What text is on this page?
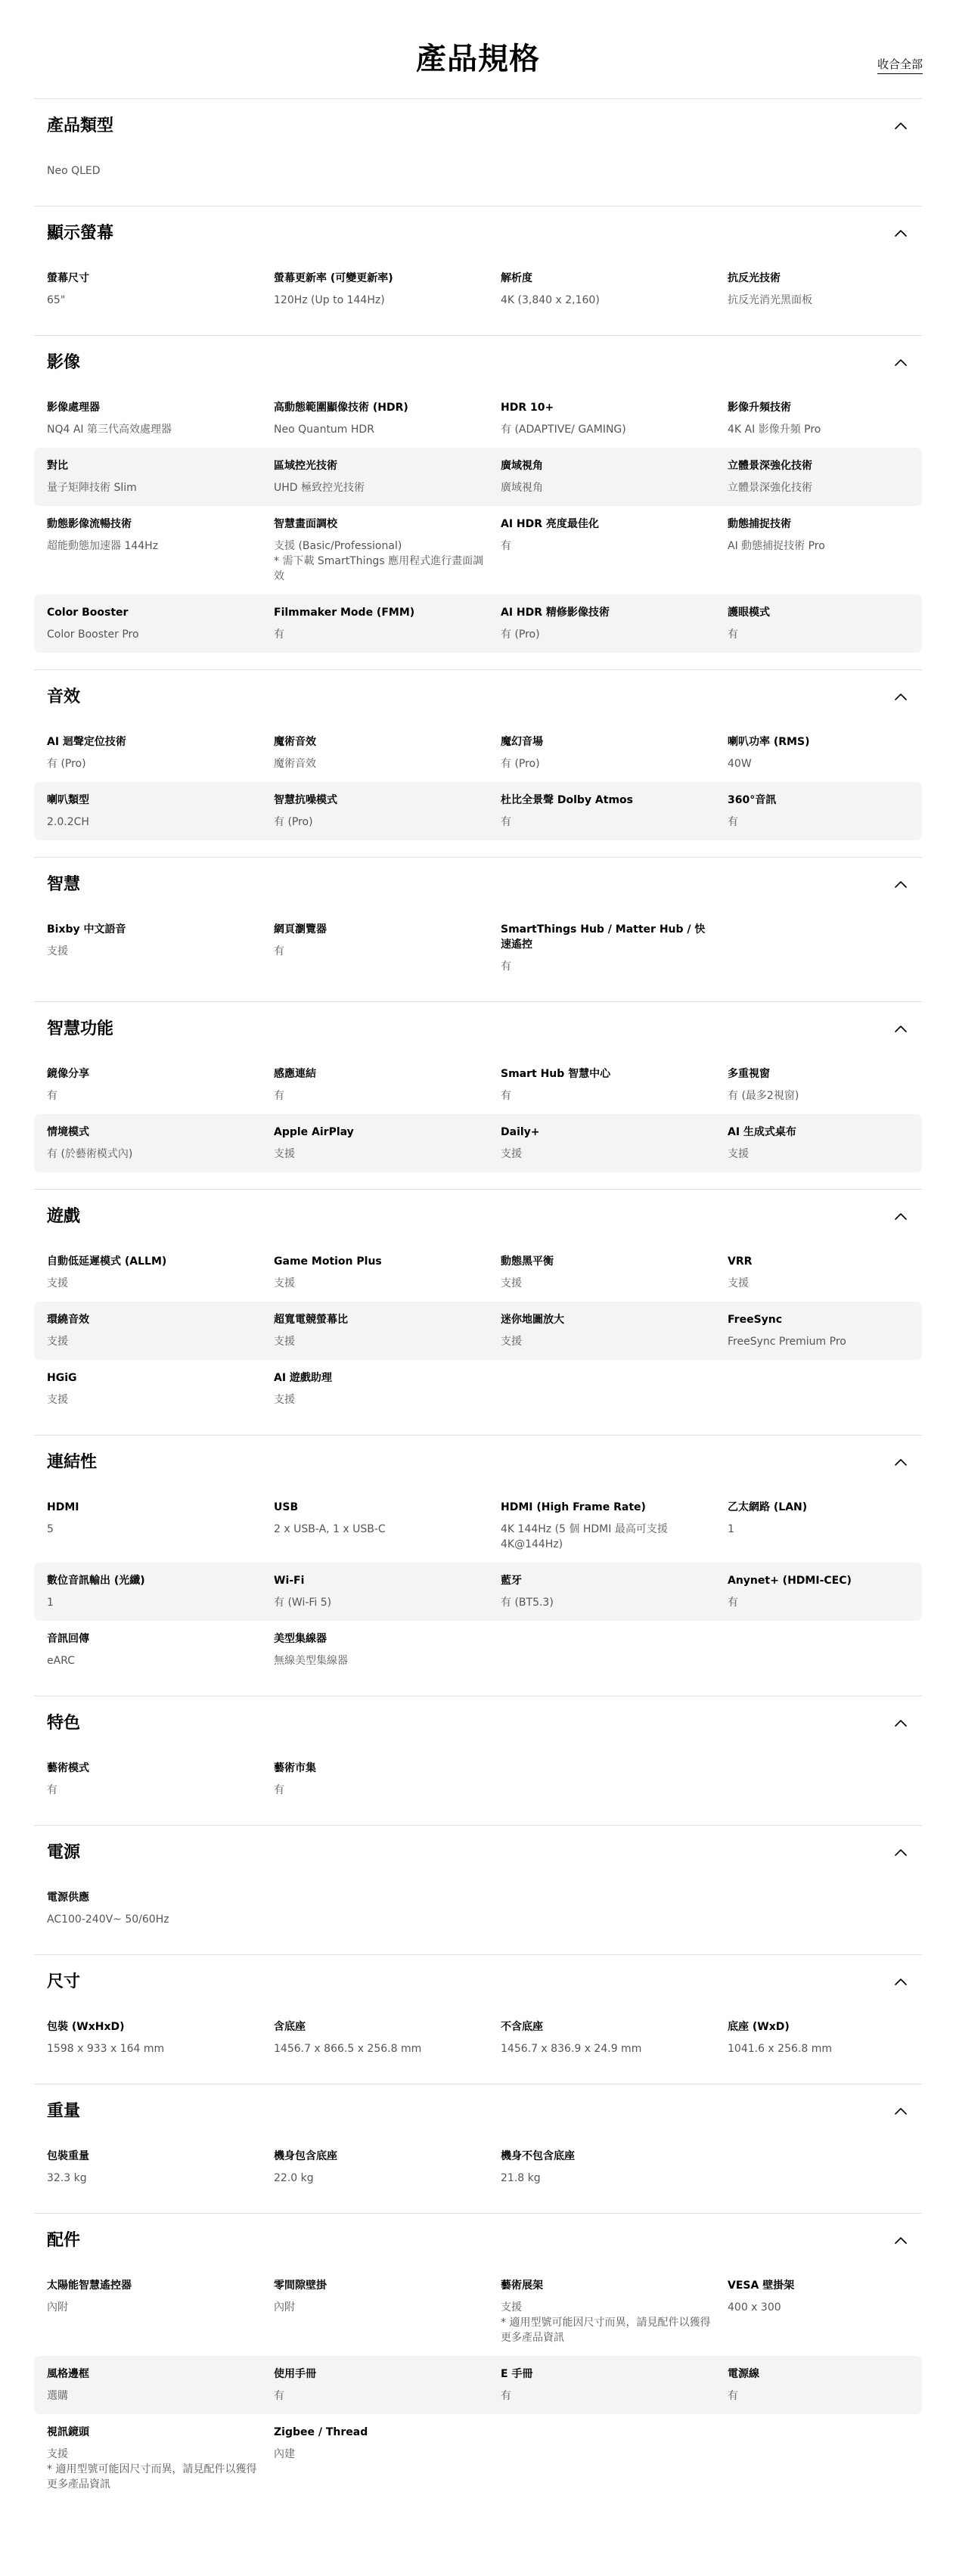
產品規格	收合全部
產品類型
Neo QLED
顯示螢幕
螢幕尺寸
65"
螢幕更新率 (可變更新率)
120Hz (Up to 144Hz)
解析度
4K (3,840 x 2,160)
抗反光技術
抗反光消光黑面板
影像
影像處理器
NQ4 AI 第三代高效處理器
高動態範圍顯像技術 (HDR)
Neo Quantum HDR
HDR 10+
有 (ADAPTIVE/ GAMING)
影像升頻技術
4K AI 影像升頻 Pro
對比
量子矩陣技術 Slim
區域控光技術
UHD 極致控光技術
廣域視角
廣域視角
立體景深強化技術
立體景深強化技術
動態影像流暢技術
超能動態加速器 144Hz
智慧畫面調校
支援 (Basic/Professional)
* 需下載 SmartThings 應用程式進行畫面調效
AI HDR 亮度最佳化
有
動態捕捉技術
AI 動態捕捉技術 Pro
Color Booster
Color Booster Pro
Filmmaker Mode (FMM)
有
AI HDR 精修影像技術
有 (Pro)
護眼模式
有
音效
AI 迴聲定位技術
有 (Pro)
魔術音效
魔術音效
魔幻音場
有 (Pro)
喇叭功率 (RMS)
40W
喇叭類型
2.0.2CH
智慧抗噪模式
有 (Pro)
杜比全景聲 Dolby Atmos
有
360°音訊
有
智慧
Bixby 中文語音
支援
網頁瀏覽器
有
SmartThings Hub / Matter Hub / 快速遙控
有
智慧功能
鏡像分享
有
感應連結
有
Smart Hub 智慧中心
有
多重視窗
有 (最多2視窗)
情境模式
有 (於藝術模式內)
Apple AirPlay
支援
Daily+
支援
AI 生成式桌布
支援
遊戲
自動低延遲模式 (ALLM)
支援
Game Motion Plus
支援
動態黑平衡
支援
VRR
支援
環繞音效
支援
超寬電競螢幕比
支援
迷你地圖放大
支援
FreeSync
FreeSync Premium Pro
HGiG
支援
AI 遊戲助理
支援
連結性
HDMI
5
USB
2 x USB-A, 1 x USB-C
HDMI (High Frame Rate)
4K 144Hz (5 個 HDMI 最高可支援 4K@144Hz)
乙太網路 (LAN)
1
數位音訊輸出 (光纖)
1
Wi-Fi
有 (Wi-Fi 5)
藍牙
有 (BT5.3)
Anynet+ (HDMI-CEC)
有
音訊回傳
eARC
美型集線器
無線美型集線器
特色
藝術模式
有
藝術市集
有
電源
電源供應
AC100-240V~ 50/60Hz
尺寸
包裝 (WxHxD)
1598 x 933 x 164 mm
含底座
1456.7 x 866.5 x 256.8 mm
不含底座
1456.7 x 836.9 x 24.9 mm
底座 (WxD)
1041.6 x 256.8 mm
重量
包裝重量
32.3 kg
機身包含底座
22.0 kg
機身不包含底座
21.8 kg
配件
太陽能智慧遙控器
內附
零間隙壁掛
內附
藝術展架
支援
* 適用型號可能因尺寸而異，請見配件以獲得更多產品資訊
VESA 壁掛架
400 x 300
風格邊框
選購
使用手冊
有
E 手冊
有
電源線
有
視訊鏡頭
支援
* 適用型號可能因尺寸而異，請見配件以獲得更多產品資訊
Zigbee / Thread
內建
